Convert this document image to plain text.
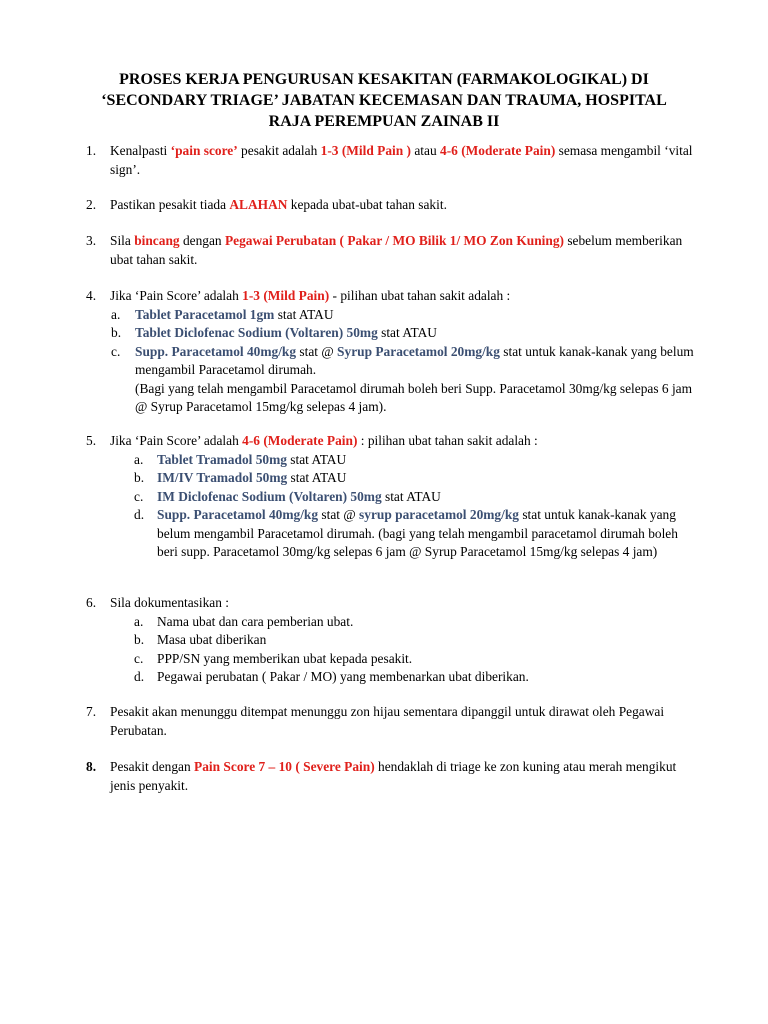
PROSES KERJA PENGURUSAN KESAKITAN (FARMAKOLOGIKAL) DI
‘SECONDARY TRIAGE’ JABATAN KECEMASAN DAN TRAUMA, HOSPITAL
RAJA PEREMPUAN ZAINAB II
1.	Kenalpasti ‘pain score’ pesakit adalah 1-3 (Mild Pain ) atau 4-6 (Moderate Pain) semasa mengambil ‘vital sign’.
2.	Pastikan pesakit tiada ALAHAN kepada ubat-ubat tahan sakit.
3.	Sila bincang dengan Pegawai Perubatan ( Pakar / MO Bilik 1/ MO Zon Kuning) sebelum memberikan ubat tahan sakit.
4.	Jika ‘Pain Score’ adalah 1-3 (Mild Pain) - pilihan ubat tahan sakit adalah :
a. Tablet Paracetamol 1gm stat ATAU
b. Tablet Diclofenac Sodium (Voltaren) 50mg stat ATAU
c. Supp. Paracetamol 40mg/kg stat @ Syrup Paracetamol 20mg/kg stat untuk kanak-kanak yang belum mengambil Paracetamol dirumah.
(Bagi yang telah mengambil Paracetamol dirumah boleh beri Supp. Paracetamol 30mg/kg selepas 6 jam @ Syrup Paracetamol 15mg/kg selepas 4 jam).
5.	Jika ‘Pain Score’ adalah 4-6 (Moderate Pain) : pilihan ubat tahan sakit adalah :
a. Tablet Tramadol 50mg stat ATAU
b. IM/IV Tramadol 50mg stat ATAU
c. IM Diclofenac Sodium (Voltaren) 50mg stat ATAU
d. Supp. Paracetamol 40mg/kg stat @ syrup paracetamol 20mg/kg stat untuk kanak-kanak yang belum mengambil Paracetamol dirumah. (bagi yang telah mengambil paracetamol dirumah boleh beri supp. Paracetamol 30mg/kg selepas 6 jam @ Syrup Paracetamol 15mg/kg selepas 4 jam)
6.	Sila dokumentasikan :
a. Nama ubat dan cara pemberian ubat.
b. Masa ubat diberikan
c. PPP/SN yang memberikan ubat kepada pesakit.
d. Pegawai perubatan ( Pakar / MO) yang membenarkan ubat diberikan.
7.	Pesakit akan menunggu ditempat menunggu zon hijau sementara dipanggil untuk dirawat oleh Pegawai Perubatan.
8.	Pesakit dengan Pain Score 7 – 10 ( Severe Pain) hendaklah di triage ke zon kuning atau merah mengikut jenis penyakit.
